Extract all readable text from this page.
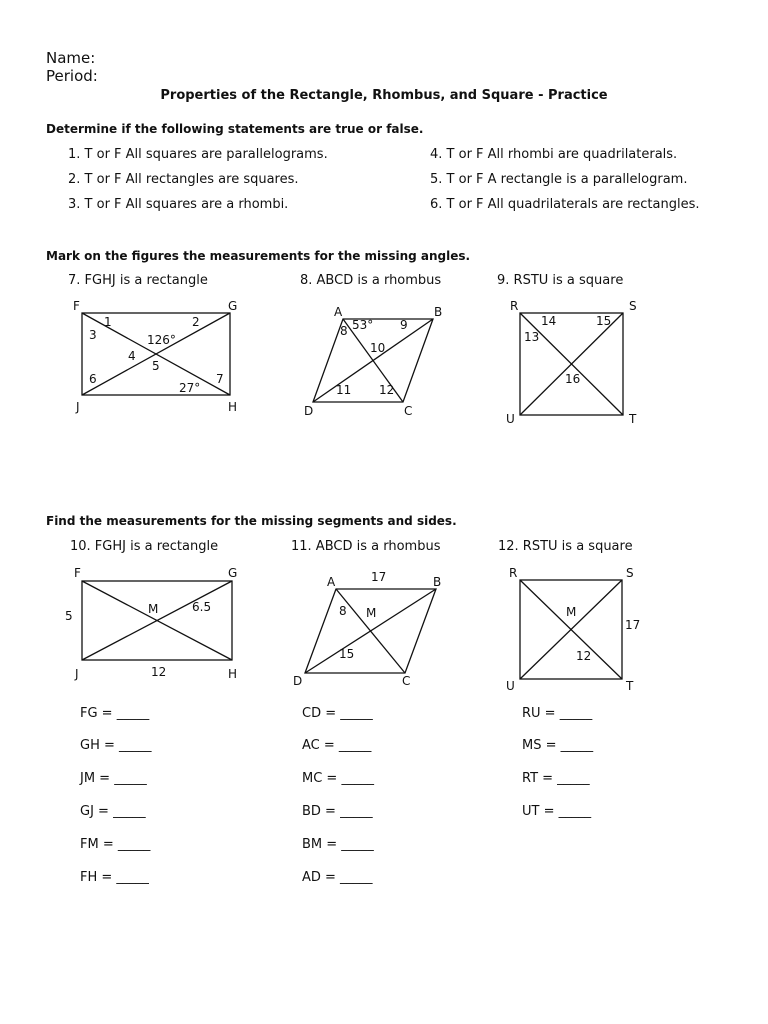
Name:
Period:
Properties of the Rectangle, Rhombus, and Square - Practice
Determine if the following statements are true or false.
1. T or F All squares are parallelograms.
2. T or F All rectangles are squares.
3. T or F All squares are a rhombi.
4. T or F All rhombi are quadrilaterals.
5. T or F A rectangle is a parallelogram.
6. T or F All quadrilaterals are rectangles.
Mark on the figures the measurements for the missing angles.
7. FGHJ is a rectangle	8. ABCD is a rhombus	9. RSTU is a square
Find the measurements for the missing segments and sides.
10. FGHJ is a rectangle	11. ABCD is a rhombus	12. RSTU is a square
FG = _____
GH = _____
JM = _____
GJ = _____
FM = _____
FH = _____
CD = _____
AC = _____
MC = _____
BD = _____
BM = _____
AD = _____
RU = _____
MS = _____
RT = _____
UT = _____
F	G
H
J
1	2
3
4
5
6	7
126°
27°
A	B
C
D
8 53° 9
10
11 12
R	S
T
U
14	15
13
16
F	G
H
J
M
5
6.5
12
A	B
C
D
M
17
8
15
R	S
T
U
M
17
12
